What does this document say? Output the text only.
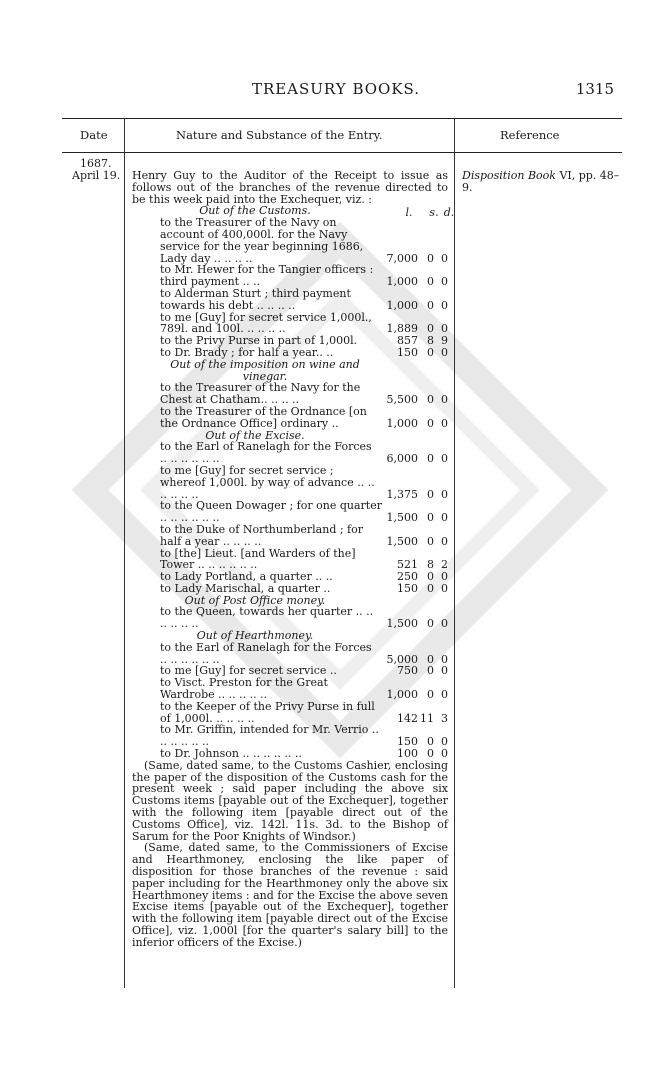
TREASURY BOOKS.	1315
Date	Nature and Substance of the Entry.	Reference
1687.
April 19.	Disposition Book VI, pp. 48–9.
l. s. d.

Henry Guy to the Auditor of the Receipt to issue as follows out of the branches of the revenue directed to be this week paid into the Exchequer, viz. :

Out of the Customs.

to the Treasurer of the Navy on account of 400,000l. for the Navy service for the year beginning 1686, Lady day .. .. .. ..	7,000 0 0
to Mr. Hewer for the Tangier officers : third payment .. ..	1,000 0 0
to Alderman Sturt ; third payment towards his debt .. .. .. ..	1,000 0 0
to me [Guy] for secret service 1,000l., 789l. and 100l. .. .. .. ..	1,889 0 0
to the Privy Purse in part of 1,000l.	857 8 9
to Dr. Brady ; for half a year.. ..	150 0 0

Out of the imposition on wine and vinegar.

to the Treasurer of the Navy for the Chest at Chatham.. .. .. ..	5,500 0 0
to the Treasurer of the Ordnance [on the Ordnance Office] ordinary ..	1,000 0 0

Out of the Excise.

to the Earl of Ranelagh for the Forces .. .. .. .. .. ..	6,000 0 0
to me [Guy] for secret service ; whereof 1,000l. by way of advance .. .. .. .. .. ..	1,375 0 0
to the Queen Dowager ; for one quarter .. .. .. .. .. ..	1,500 0 0
to the Duke of Northumberland ; for half a year .. .. .. ..	1,500 0 0
to [the] Lieut. [and Warders of the] Tower .. .. .. .. .. ..	521 8 2
to Lady Portland, a quarter .. ..	250 0 0
to Lady Marischal, a quarter ..	150 0 0

Out of Post Office money.

to the Queen, towards her quarter .. .. .. .. .. ..	1,500 0 0

Out of Hearthmoney.

to the Earl of Ranelagh for the Forces .. .. .. .. .. ..	5,000 0 0
to me [Guy] for secret service ..	750 0 0
to Visct. Preston for the Great Wardrobe .. .. .. .. ..	1,000 0 0
to the Keeper of the Privy Purse in full of 1,000l. .. .. .. ..	142 11 3
to Mr. Griffin, intended for Mr. Verrio .. .. .. .. .. ..	150 0 0
to Dr. Johnson .. .. .. .. .. ..	100 0 0

(Same, dated same, to the Customs Cashier, enclosing the paper of the disposition of the Customs cash for the present week ; said paper including the above six Customs items [payable out of the Exchequer], together with the following item [payable direct out of the Customs Office], viz. 142l. 11s. 3d. to the Bishop of Sarum for the Poor Knights of Windsor.)

(Same, dated same, to the Commissioners of Excise and Hearthmoney, enclosing the like paper of disposition for those branches of the revenue : said paper including for the Hearthmoney only the above six Hearthmoney items : and for the Excise the above seven Excise items [payable out of the Exchequer], together with the following item [payable direct out of the Excise Office], viz. 1,000l [for the quarter's salary bill] to the inferior officers of the Excise.)
